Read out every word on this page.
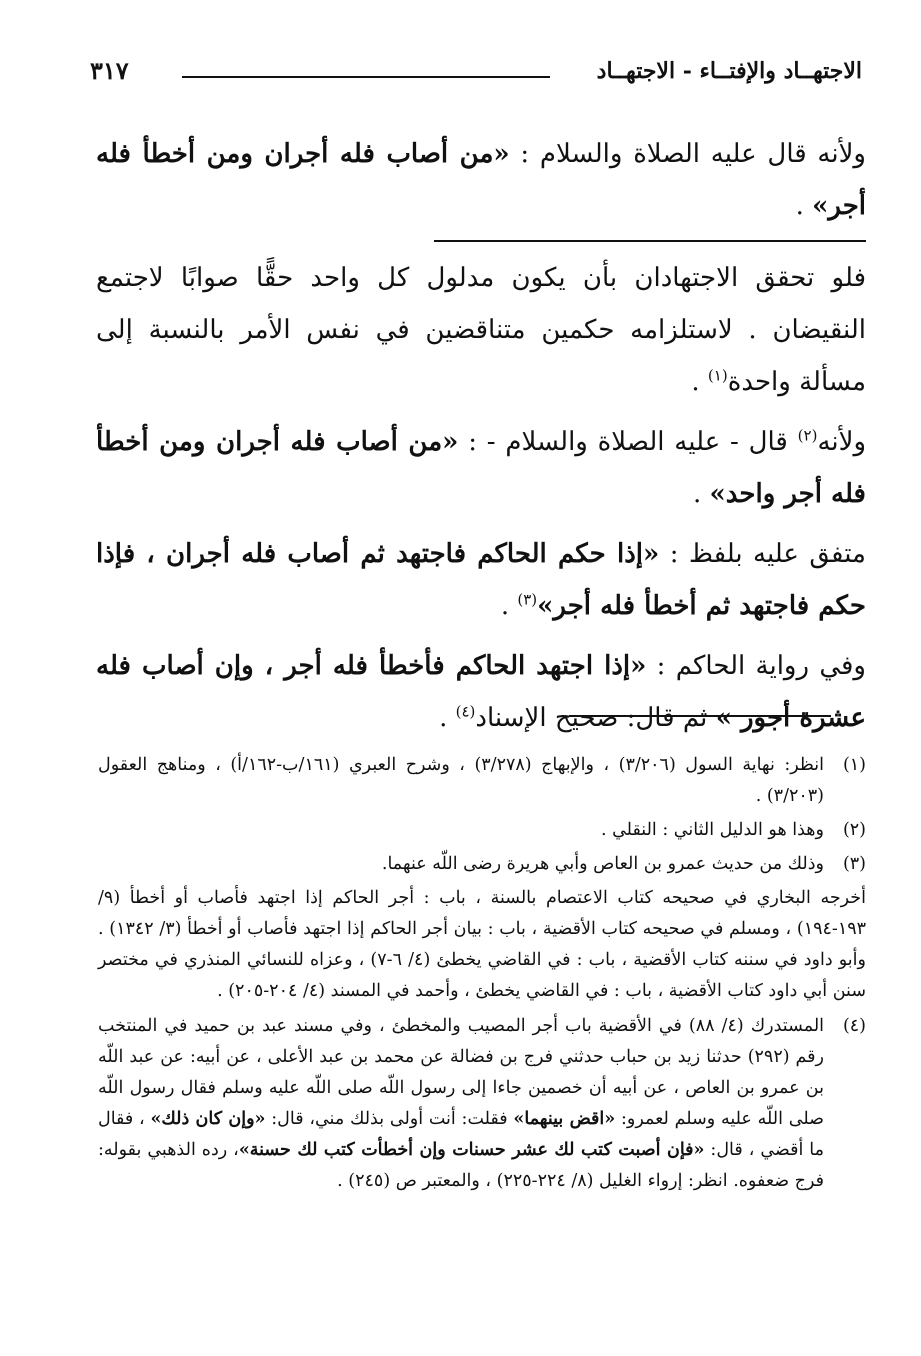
الاجتهــاد والإفتــاء - الاجتهــاد
٣١٧

ولأنه قال عليه الصلاة والسلام : «من أصاب فله أجران ومن أخطأ فله أجر» .

فلو تحقق الاجتهادان بأن يكون مدلول كل واحد حقًّا صوابًا لاجتمع النقيضان . لاستلزامه حكمين متناقضين في نفس الأمر بالنسبة إلى مسألة واحدة$^{(١)}$ .

ولأنه$^{(٢)}$ قال - عليه الصلاة والسلام - : «من أصاب فله أجران ومن أخطأ فله أجر واحد» .

متفق عليه بلفظ : «إذا حكم الحاكم فاجتهد ثم أصاب فله أجران ، فإذا حكم فاجتهد ثم أخطأ فله أجر»$^{(٣)}$ .

وفي رواية الحاكم : «إذا اجتهد الحاكم فأخطأ فله أجر ، وإن أصاب فله عشرة أجور » ثم قال: صحيح الإسناد$^{(٤)}$ .

(١)

انظر: نهاية السول (٣/٢٠٦) ، والإبهاج (٣/٢٧٨) ، وشرح العبري (١٦١/ب-١٦٢/أ) ، ومناهج العقول (٣/٢٠٣) .

(٢)

وهذا هو الدليل الثاني : النقلي .

(٣)

وذلك من حديث عمرو بن العاص وأبي هريرة رضى اللّه عنهما.

أخرجه البخاري في صحيحه كتاب الاعتصام بالسنة ، باب : أجر الحاكم إذا اجتهد فأصاب أو أخطأ (٩/ ١٩٣-١٩٤) ، ومسلم في صحيحه كتاب الأقضية ، باب : بيان أجر الحاكم إذا اجتهد فأصاب أو أخطأ (٣/ ١٣٤٢) . وأبو داود في سننه كتاب الأقضية ، باب : في القاضي يخطئ (٤/ ٦-٧) ، وعزاه للنسائي المنذري في مختصر سنن أبي داود كتاب الأقضية ، باب : في القاضي يخطئ ، وأحمد في المسند (٤/ ٢٠٤-٢٠٥) .

(٤)

المستدرك (٤/ ٨٨) في الأقضية باب أجر المصيب والمخطئ ، وفي مسند عبد بن حميد في المنتخب رقم (٢٩٢) حدثنا زيد بن حباب حدثني فرج بن فضالة عن محمد بن عبد الأعلى ، عن أبيه: عن عبد اللّه بن عمرو بن العاص ، عن أبيه أن خصمين جاءا إلى رسول اللّه صلى اللّه عليه وسلم فقال رسول اللّه صلى اللّه عليه وسلم لعمرو: «اقض بينهما» فقلت: أنت أولى بذلك مني، قال: «وإن كان ذلك» ، فقال ما أقضي ، قال: «فإن أصبت كتب لك عشر حسنات وإن أخطأت كتب لك حسنة»، رده الذهبي بقوله: فرج ضعفوه. انظر: إرواء الغليل (٨/ ٢٢٤-٢٢٥) ، والمعتبر ص (٢٤٥) .
